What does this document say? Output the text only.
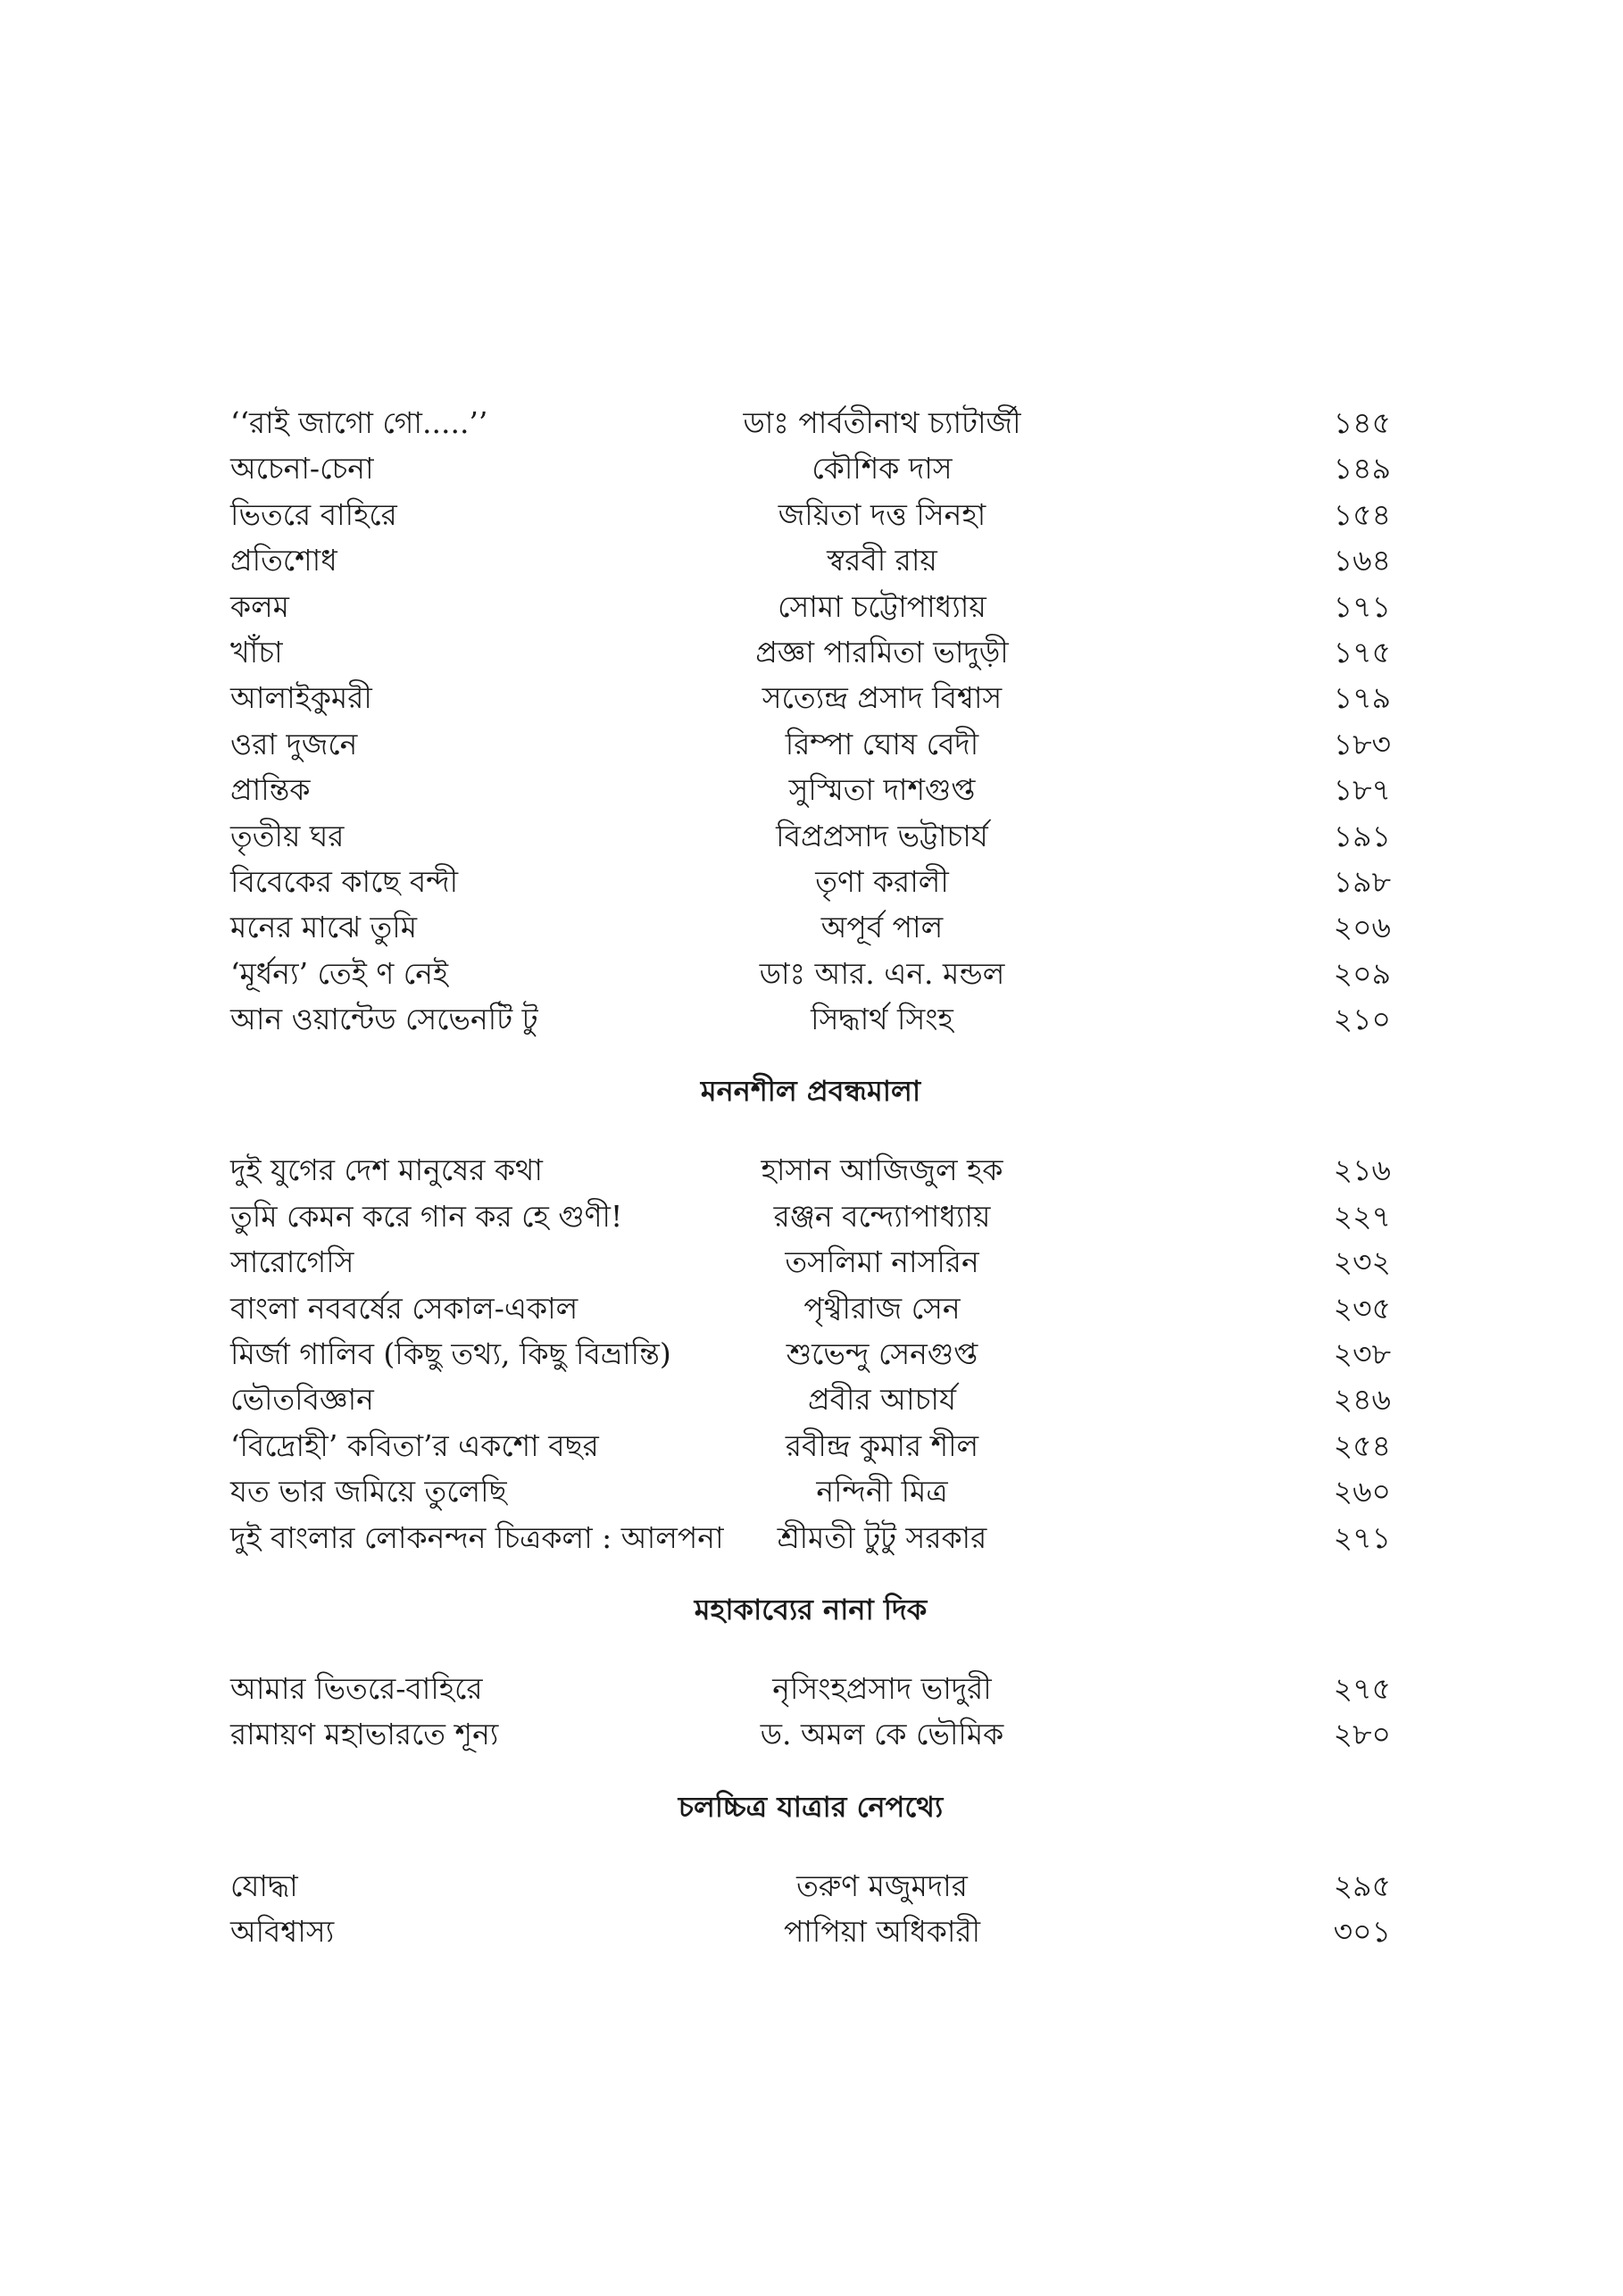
‘‘রাই জাগো গো.....’’	ডাঃ পার্বতীনাথ চ্যাটার্জী	১৪৫
অচেনা-চেনা	কৌশিক দাস	১৪৯
ভিতরে বাহিরে	জয়িতা দত্ত সিনহা	১৫৪
প্রতিশোধ	স্বরবী রায়	১৬৪
কলম	সোমা চট্টোপাধ্যায়	১৭১
খাঁচা	প্রজ্ঞা পারমিতা ভাদুড়ী	১৭৫
আলাইকুমরী	সত্যেন্দ্র প্রসাদ বিশ্বাস	১৭৯
ওরা দুজনে	রিম্পা ঘোষ বেদী	১৮৩
প্রান্তিক	সুস্মিতা দাশগুপ্ত	১৮৭
তৃতীয় ঘর	বিপ্রপ্রসাদ ভট্টাচার্য	১৯১
বিবেকের কাছে বন্দী	তৃণা করালী	১৯৮
মনের মাঝে তুমি	অপূর্ব পাল	২০৬
‘মূর্ধন্য’ তেই ণ নেই	ডাঃ আর. এন. মন্ডল	২০৯
আন ওয়ান্টেড সেভেনটি টু	সিদ্ধার্থ সিংহ	২১০
মননশীল প্রবন্ধমালা
দুই যুগের দেশ মানুষের কথা	হাসান আজিজুল হক	২১৬
তুমি কেমন করে গান কর হে গুণী!	রঞ্জন বন্দ্যোপাধ্যায়	২২৭
সারোগেসি	তসলিমা নাসরিন	২৩২
বাংলা নববর্ষের সেকাল-একাল	পৃথ্বীরাজ সেন	২৩৫
মির্জা গালিব (কিছু তথ্য, কিছু বিভ্রান্তি)	শুভেন্দু সেনগুপ্ত	২৩৮
ভৌতবিজ্ঞান	প্রবীর আচার্য	২৪৬
‘বিদ্রোহী’ কবিতা’র একশো বছর	রবীন্দ্র কুমার শীল	২৫৪
যত ভার জমিয়ে তুলেছি	নন্দিনী মিত্র	২৬০
দুই বাংলার লোকনন্দন চিত্রকলা : আলপনা	শ্রীমতী টুটু সরকার	২৭১
মহাকাব্যের নানা দিক
আমার ভিতরে-বাহিরে	নৃসিংহপ্রসাদ ভাদুরী	২৭৫
রামায়ণ মহাভারতে শূন্য	ড. অমল কে ভৌমিক	২৮০
চলচ্চিত্র যাত্রার নেপথ্যে
যোদ্ধা	তরুণ মজুমদার	২৯৫
অবিশ্বাস্য	পাপিয়া অধিকারী	৩০১
